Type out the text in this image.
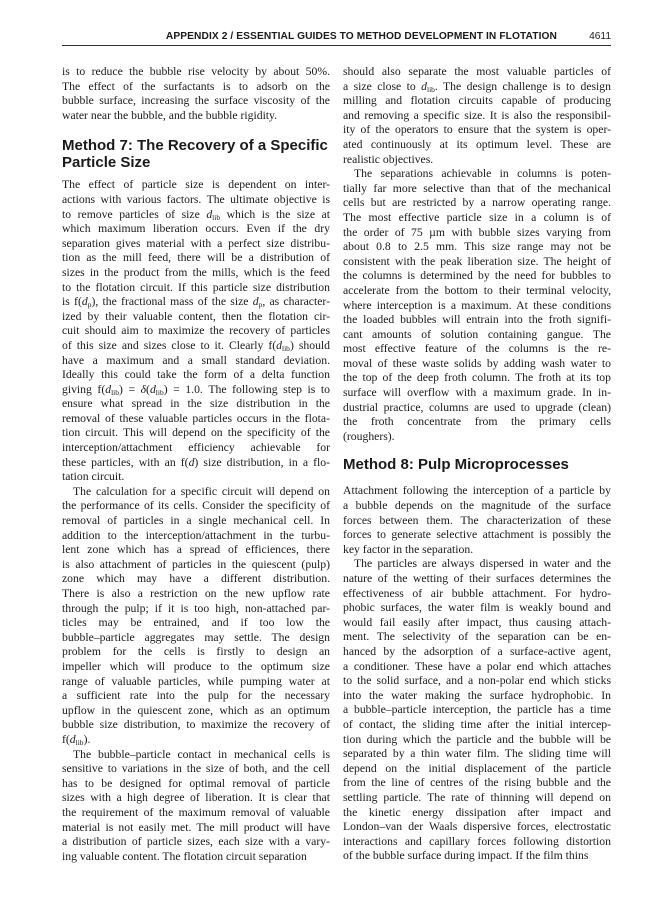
APPENDIX 2 / ESSENTIAL GUIDES TO METHOD DEVELOPMENT IN FLOTATION	4611
is to reduce the bubble rise velocity by about 50%.
The effect of the surfactants is to adsorb on the
bubble surface, increasing the surface viscosity of the
water near the bubble, and the bubble rigidity.
Method 7: The Recovery of a Specific
Particle Size
The effect of particle size is dependent on inter-
actions with various factors. The ultimate objective is
to remove particles of size $d_{lib}$ which is the size at
which maximum liberation occurs. Even if the dry
separation gives material with a perfect size distribu-
tion as the mill feed, there will be a distribution of
sizes in the product from the mills, which is the feed
to the flotation circuit. If this particle size distribution
is $f(d_p)$, the fractional mass of the size $d_p$, as character-
ized by their valuable content, then the flotation cir-
cuit should aim to maximize the recovery of particles
of this size and sizes close to it. Clearly $f(d_{lib})$ should
have a maximum and a small standard deviation.
Ideally this could take the form of a delta function
giving $f(d_{lib}) = \delta(d_{lib}) = 1.0$. The following step is to
ensure what spread in the size distribution in the
removal of these valuable particles occurs in the flota-
tion circuit. This will depend on the specificity of the
interception/attachment efficiency achievable for
these particles, with an f(d) size distribution, in a flo-
tation circuit.
The calculation for a specific circuit will depend on
the performance of its cells. Consider the specificity of
removal of particles in a single mechanical cell. In
addition to the interception/attachment in the turbu-
lent zone which has a spread of efficiences, there
is also attachment of particles in the quiescent (pulp)
zone which may have a different distribution.
There is also a restriction on the new upflow rate
through the pulp; if it is too high, non-attached par-
ticles may be entrained, and if too low the
bubble–particle aggregates may settle. The design
problem for the cells is firstly to design an
impeller which will produce to the optimum size
range of valuable particles, while pumping water at
a sufficient rate into the pulp for the necessary
upflow in the quiescent zone, which as an optimum
bubble size distribution, to maximize the recovery of
$f(d_{lib})$.
The bubble–particle contact in mechanical cells is
sensitive to variations in the size of both, and the cell
has to be designed for optimal removal of particle
sizes with a high degree of liberation. It is clear that
the requirement of the maximum removal of valuable
material is not easily met. The mill product will have
a distribution of particle sizes, each size with a vary-
ing valuable content. The flotation circuit separation
should also separate the most valuable particles of
a size close to $d_{lib}$. The design challenge is to design
milling and flotation circuits capable of producing
and removing a specific size. It is also the responsibil-
ity of the operators to ensure that the system is oper-
ated continuously at its optimum level. These are
realistic objectives.
The separations achievable in columns is poten-
tially far more selective than that of the mechanical
cells but are restricted by a narrow operating range.
The most effective particle size in a column is of
the order of 75 µm with bubble sizes varying from
about 0.8 to 2.5 mm. This size range may not be
consistent with the peak liberation size. The height of
the columns is determined by the need for bubbles to
accelerate from the bottom to their terminal velocity,
where interception is a maximum. At these conditions
the loaded bubbles will entrain into the froth signifi-
cant amounts of solution containing gangue. The
most effective feature of the columns is the re-
moval of these waste solids by adding wash water to
the top of the deep froth column. The froth at its top
surface will overflow with a maximum grade. In in-
dustrial practice, columns are used to upgrade (clean)
the froth concentrate from the primary cells
(roughers).
Method 8: Pulp Microprocesses
Attachment following the interception of a particle by
a bubble depends on the magnitude of the surface
forces between them. The characterization of these
forces to generate selective attachment is possibly the
key factor in the separation.
The particles are always dispersed in water and the
nature of the wetting of their surfaces determines the
effectiveness of air bubble attachment. For hydro-
phobic surfaces, the water film is weakly bound and
would fail easily after impact, thus causing attach-
ment. The selectivity of the separation can be en-
hanced by the adsorption of a surface-active agent,
a conditioner. These have a polar end which attaches
to the solid surface, and a non-polar end which sticks
into the water making the surface hydrophobic. In
a bubble–particle interception, the particle has a time
of contact, the sliding time after the initial intercep-
tion during which the particle and the bubble will be
separated by a thin water film. The sliding time will
depend on the initial displacement of the particle
from the line of centres of the rising bubble and the
settling particle. The rate of thinning will depend on
the kinetic energy dissipation after impact and
London–van der Waals dispersive forces, electrostatic
interactions and capillary forces following distortion
of the bubble surface during impact. If the film thins
